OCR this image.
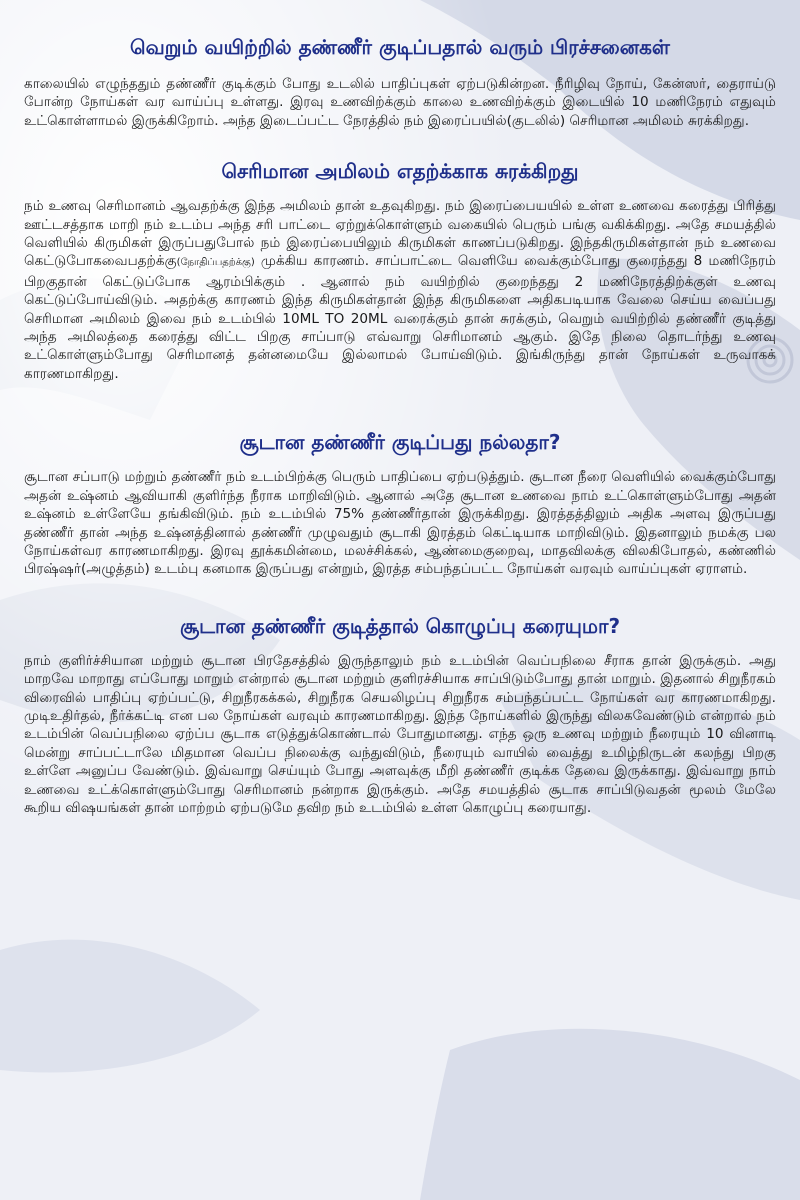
வெறும் வயிற்றில் தண்ணீர் குடிப்பதால் வரும் பிரச்சனைகள்

காலையில் எழுந்ததும் தண்ணீர் குடிக்கும் போது உடலில் பாதிப்புகள் ஏற்படுகின்றன. நீரிழிவு நோய், கேன்ஸர், தைராய்டு போன்ற நோய்கள் வர வாய்ப்பு உள்ளது. இரவு உணவிற்க்கும் காலை உணவிற்க்கும் இடையில் 10 மணிநேரம் எதுவும் உட்கொள்ளாமல் இருக்கிறோம். அந்த இடைப்பட்ட நேரத்தில் நம் இரைப்பயில்(குடலில்) செரிமான அமிலம் சுரக்கிறது.

செரிமான அமிலம் எதற்க்காக சுரக்கிறது

நம் உணவு செரிமானம் ஆவதற்க்கு இந்த அமிலம் தான் உதவுகிறது. நம் இரைப்பையயில் உள்ள உணவை கரைத்து பிரித்து ஊட்டசத்தாக மாறி நம் உடம்ப அந்த சரி பாட்டை ஏற்றுக்கொள்ளும் வகையில் பெரும் பங்கு வகிக்கிறது. அதே சமயத்தில் வெளியில் கிருமிகள் இருப்பதுபோல் நம் இரைப்பையிலும் கிருமிகள் காணப்படுகிறது. இந்தகிருமிகள்தான் நம் உணவை கெட்டுபோகவைபதற்க்கு(நோதிப்பதற்க்கு) முக்கிய காரணம். சாப்பாட்டை வெளியே வைக்கும்போது குரைந்தது 8 மணிநேரம் பிறகுதான் கெட்டுப்போக ஆரம்பிக்கும் . ஆனால் நம் வயிற்றில் குறைந்தது 2 மணிநேரத்திற்க்குள் உணவு கெட்டுப்போய்விடும். அதற்க்கு காரணம் இந்த கிருமிகள்தான் இந்த கிருமிகளை அதிகபடியாக வேலை செய்ய வைப்பது செரிமான அமிலம் இவை நம் உடம்பில் 10ML TO 20ML வரைக்கும் தான் சுரக்கும், வெறும் வயிற்றில் தண்ணீர் குடித்து அந்த அமிலத்தை கரைத்து விட்ட பிறகு சாப்பாடு எவ்வாறு செரிமானம் ஆகும். இதே நிலை தொடர்ந்து உணவு உட்கொள்ளும்போது செரிமானத் தன்னமையே இல்லாமல் போய்விடும். இங்கிருந்து தான் நோய்கள் உருவாகக் காரணமாகிறது.

சூடான தண்ணீர் குடிப்பது நல்லதா?

சூடான சப்பாடு மற்றும் தண்ணீர் நம் உடம்பிற்க்கு பெரும் பாதிப்பை ஏற்படுத்தும். சூடான நீரை வெளியில் வைக்கும்போது அதன் உஷ்னம் ஆவியாகி குளிர்ந்த நீராக மாறிவிடும். ஆனால் அதே சூடான உணவை நாம் உட்கொள்ளும்போது அதன் உஷ்னம் உள்ளேயே தங்கிவிடும். நம் உடம்பில் 75% தண்ணீர்தான் இருக்கிறது. இரத்தத்திலும் அதிக அளவு இருப்பது தண்ணீர் தான் அந்த உஷ்னத்தினால் தண்ணீர் முழுவதும் சூடாகி இரத்தம் கெட்டியாக மாறிவிடும். இதனாலும் நமக்கு பல நோய்கள்வர காரணமாகிறது. இரவு தூக்கமின்மை, மலச்சிக்கல், ஆண்மைகுறைவு, மாதவிலக்கு விலகிபோதல், கண்ணில் பிரஷ்ஷர்(அழுத்தம்) உடம்பு கனமாக இருப்பது என்றும், இரத்த சம்பந்தப்பட்ட நோய்கள் வரவும் வாய்ப்புகள் ஏராளம்.

சூடான தண்ணீர் குடித்தால் கொழுப்பு கரையுமா?

நாம் குளிர்ச்சியான மற்றும் சூடான பிரதேசத்தில் இருந்தாலும் நம் உடம்பின் வெப்பநிலை சீராக தான் இருக்கும். அது மாறவே மாறாது எப்போது மாறும் என்றால் சூடான மற்றும் குளிரச்சியாக சாப்பிடும்போது தான் மாறும். இதனால் சிறுநீரகம் விரைவில் பாதிப்பு ஏற்ப்பட்டு, சிறுநீரகக்கல், சிறுநீரக செயலிழப்பு சிறுநீரக சம்பந்தப்பட்ட நோய்கள் வர காரணமாகிறது. முடிஉதிர்தல், நீர்க்கட்டி என பல நோய்கள் வரவும் காரணமாகிறது. இந்த நோய்களில் இருந்து விலகவேண்டும் என்றால் நம் உடம்பின் வெப்பநிலை ஏற்ப்ப சூடாக எடுத்துக்கொண்டால் போதுமானது. எந்த ஒரு உணவு மற்றும் நீரையும் 10 வினாடி மென்று சாப்பட்டாலே மிதமான வெப்ப நிலைக்கு வந்துவிடும், நீரையும் வாயில் வைத்து உமிழ்நிருடன் கலந்து பிறகு உள்ளே அனுப்ப வேண்டும். இவ்வாறு செய்யும் போது அளவுக்கு மீறி தண்ணீர் குடிக்க தேவை இருக்காது. இவ்வாறு நாம் உணவை உட்க்கொள்ளும்போது செரிமானம் நன்றாக இருக்கும். அதே சமயத்தில் சூடாக சாப்பிடுவதன் மூலம் மேலே கூறிய விஷயங்கள் தான் மாற்றம் ஏற்படுமே தவிற நம் உடம்பில் உள்ள கொழுப்பு கரையாது.
